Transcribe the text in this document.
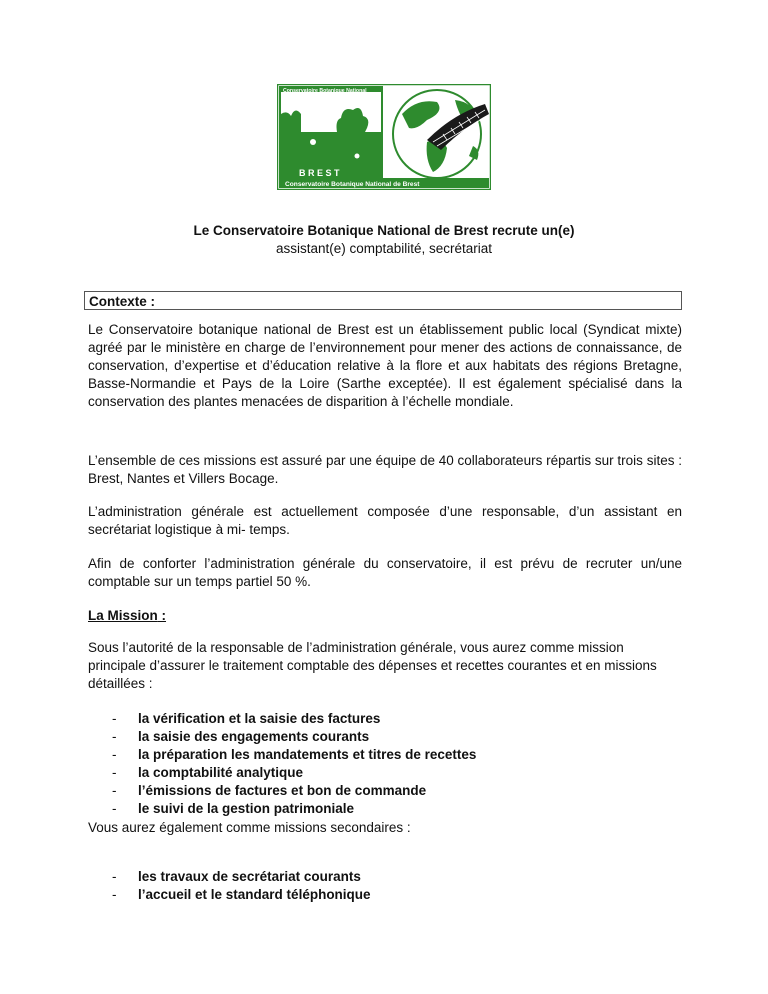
Conservatoire Botanique National
B R E S T
Conservatoire Botanique National de Brest
Le Conservatoire Botanique National de Brest recrute un(e)
assistant(e) comptabilité, secrétariat
Contexte :
Le Conservatoire botanique national de Brest est un établissement public local (Syndicat mixte) agréé par le ministère en charge de l’environnement pour mener des actions de connaissance, de conservation, d’expertise et d’éducation relative à la flore et aux habitats des régions Bretagne, Basse-Normandie et Pays de la Loire (Sarthe exceptée). Il est également spécialisé dans la conservation des plantes menacées de disparition à l’échelle mondiale.
L’ensemble de ces missions est assuré par une équipe de 40 collaborateurs répartis sur trois sites : Brest, Nantes et Villers Bocage.
L’administration générale est actuellement composée d’une responsable, d’un assistant en secrétariat logistique à mi- temps.
Afin de conforter l’administration générale du conservatoire, il est prévu de recruter un/une comptable sur un temps partiel 50 %.
La Mission :
Sous l’autorité de la responsable de l’administration générale, vous aurez comme mission principale d’assurer le traitement comptable des dépenses et recettes courantes et en missions détaillées :
- la vérification et la saisie des factures
- la saisie des engagements courants
- la préparation les mandatements et titres de recettes
- la comptabilité analytique
- l’émissions de factures et bon de commande
- le suivi de la gestion patrimoniale
Vous aurez également comme missions secondaires :
- les travaux de secrétariat courants
- l’accueil et le standard téléphonique
